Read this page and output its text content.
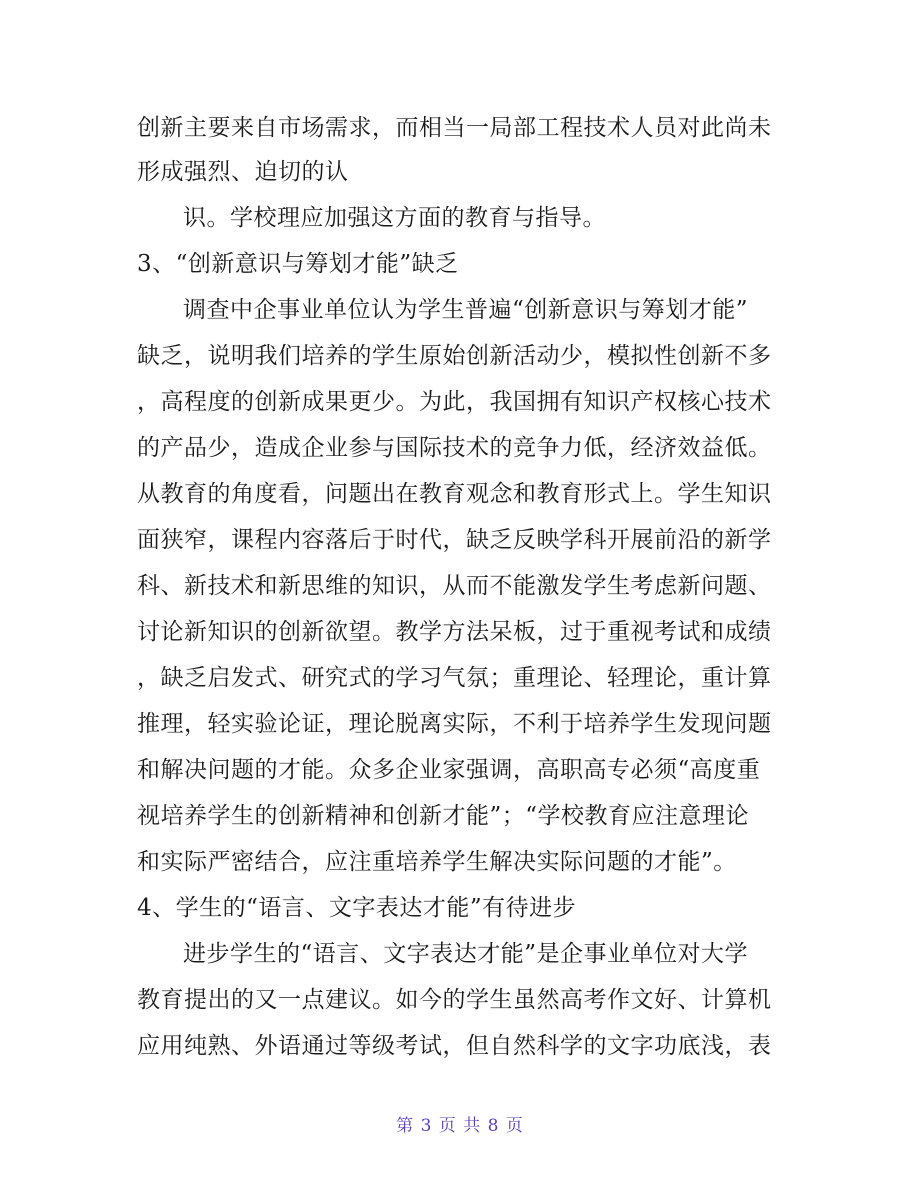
创新主要来自市场需求，而相当一局部工程技术人员对此尚未
形成强烈、迫切的认
识。学校理应加强这方面的教育与指导。
3、“创新意识与筹划才能”缺乏
调查中企事业单位认为学生普遍“创新意识与筹划才能”
缺乏，说明我们培养的学生原始创新活动少，模拟性创新不多
，高程度的创新成果更少。为此，我国拥有知识产权核心技术
的产品少，造成企业参与国际技术的竞争力低，经济效益低。
从教育的角度看，问题出在教育观念和教育形式上。学生知识
面狭窄，课程内容落后于时代，缺乏反映学科开展前沿的新学
科、新技术和新思维的知识，从而不能激发学生考虑新问题、
讨论新知识的创新欲望。教学方法呆板，过于重视考试和成绩
，缺乏启发式、研究式的学习气氛；重理论、轻理论，重计算
推理，轻实验论证，理论脱离实际，不利于培养学生发现问题
和解决问题的才能。众多企业家强调，高职高专必须“高度重
视培养学生的创新精神和创新才能”；“学校教育应注意理论
和实际严密结合，应注重培养学生解决实际问题的才能”。
4、学生的“语言、文字表达才能”有待进步
进步学生的“语言、文字表达才能”是企事业单位对大学
教育提出的又一点建议。如今的学生虽然高考作文好、计算机
应用纯熟、外语通过等级考试，但自然科学的文字功底浅，表
第 3 页 共 8 页
